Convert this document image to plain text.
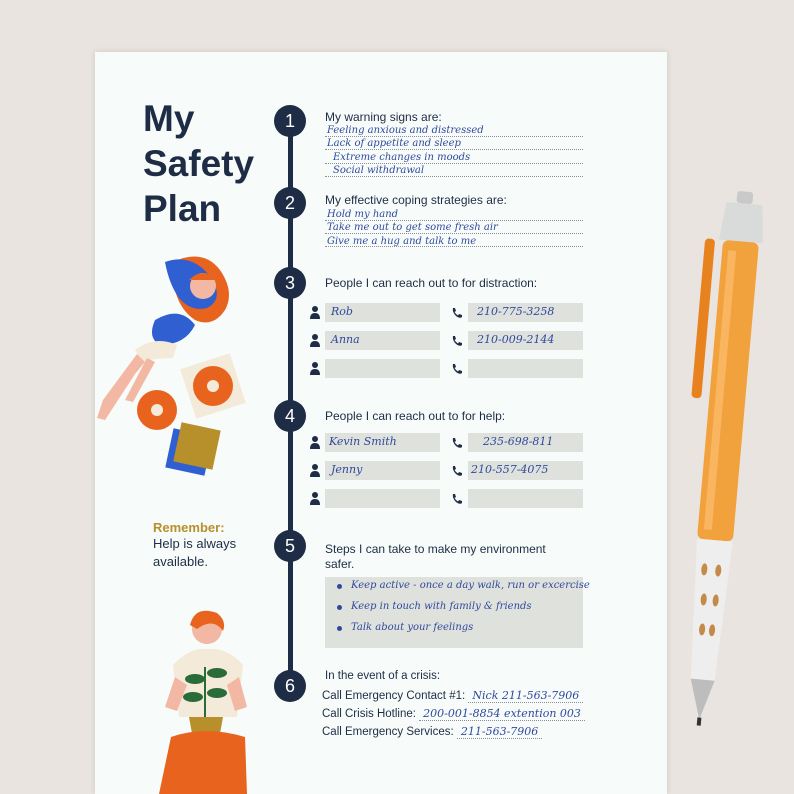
My
Safety
Plan
1	My warning signs are:
Feeling anxious and distressed
Lack of appetite and sleep
Extreme changes in moods
Social withdrawal
2	My effective coping strategies are:
Hold my hand
Take me out to get some fresh air
Give me a hug and talk to me
3	People I can reach out to for distraction:
Rob	210-775-3258
Anna	210-009-2144
4	People I can reach out to for help:
Kevin Smith	235-698-811
Jenny	210-557-4075
Remember:
Help is always
available.
5	Steps I can take to make my environment safer.
Keep active - once a day walk, run or excercise
Keep in touch with family & friends
Talk about your feelings
6	In the event of a crisis:
Call Emergency Contact #1: Nick 211-563-7906
Call Crisis Hotline: 200-001-8854 extention 003
Call Emergency Services: 211-563-7906
